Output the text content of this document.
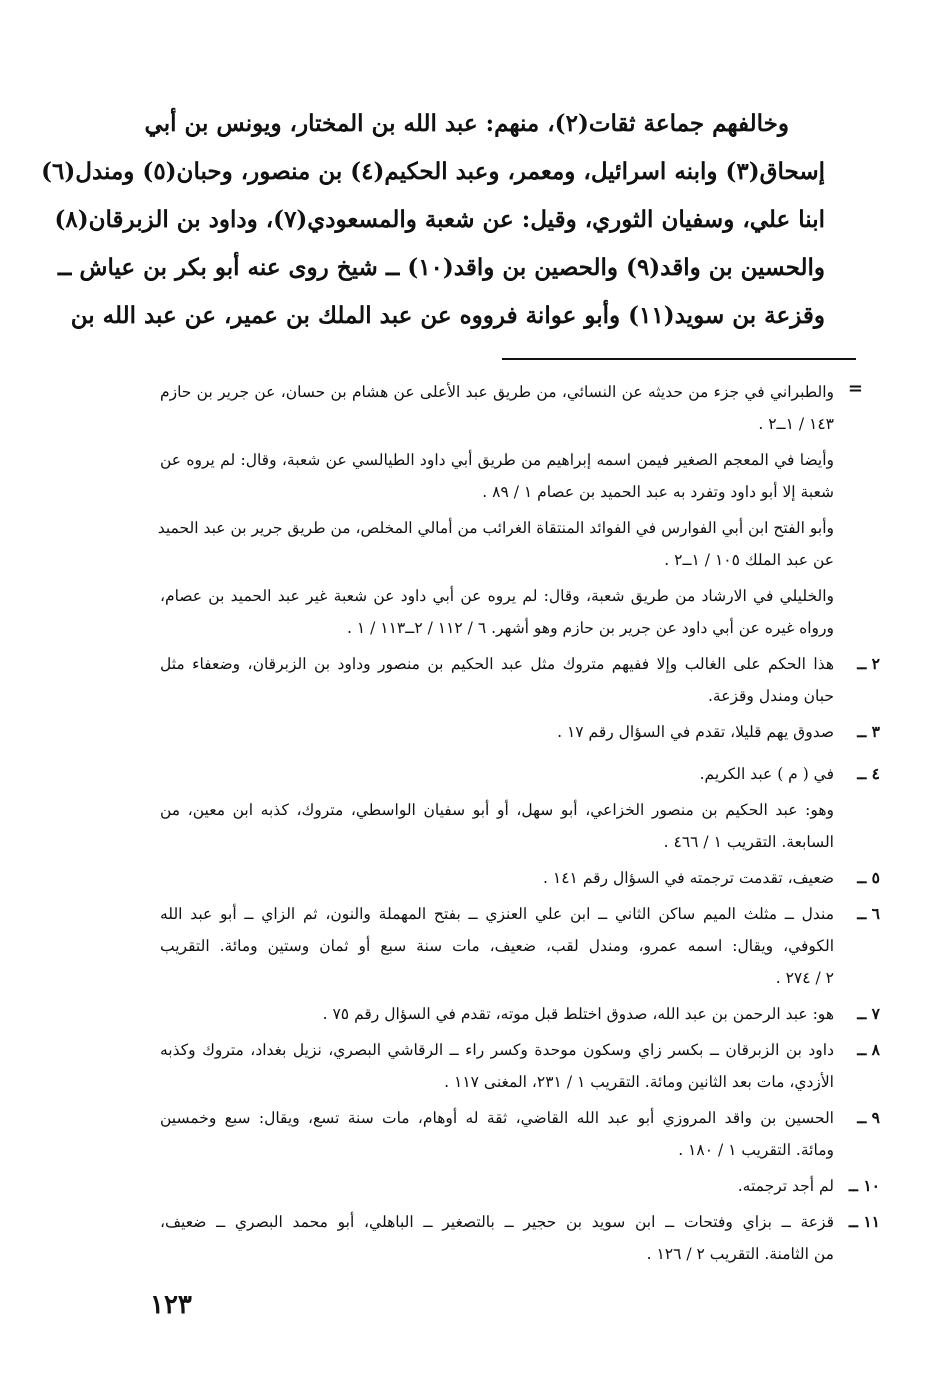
وخالفهم جماعة ثقات(٢)، منهم: عبد الله بن المختار، ويونس بن أبي

إسحاق(٣) وابنه اسرائيل، ومعمر، وعبد الحكيم(٤) بن منصور، وحبان(٥) ومندل(٦)

ابنا علي، وسفيان الثوري، وقيل: عن شعبة والمسعودي(٧)، وداود بن الزبرقان(٨)

والحسين بن واقد(٩) والحصين بن واقد(١٠) ــ شيخ روى عنه أبو بكر بن عياش ــ

وقزعة بن سويد(١١) وأبو عوانة فرووه عن عبد الملك بن عمير، عن عبد الله بن

=
والطبراني في جزء من حديثه عن النسائي، من طريق عبد الأعلى عن هشام بن حسان، عن جرير بن حازم
١٤٣ / ١ــ٢ .
وأيضا في المعجم الصغير فيمن اسمه إبراهيم من طريق أبي داود الطيالسي عن شعبة، وقال: لم يروه عن
شعبة إلا أبو داود وتفرد به عبد الحميد بن عصام ١ / ٨٩ .
وأبو الفتح ابن أبي الفوارس في الفوائد المنتقاة الغرائب من أمالي المخلص، من طريق جرير بن عبد الحميد
عن عبد الملك ١٠٥ / ١ــ٢ .
والخليلي في الارشاد من طريق شعبة، وقال: لم يروه عن أبي داود عن شعبة غير عبد الحميد بن عصام،
ورواه غيره عن أبي داود عن جرير بن حازم وهو أشهر. ٦ / ١١٢ / ٢ــ١١٣ / ١ .
٢ ــ
هذا الحكم على الغالب وإلا ففيهم متروك مثل عبد الحكيم بن منصور وداود بن الزبرقان، وضعفاء مثل
حبان ومندل وقزعة.
٣ ــ
صدوق يهم قليلا، تقدم في السؤال رقم ١٧ .
٤ ــ
في ( م ) عبد الكريم.
وهو: عبد الحكيم بن منصور الخزاعي، أبو سهل، أو أبو سفيان الواسطي، متروك، كذبه ابن معين، من
السابعة. التقريب ١ / ٤٦٦ .
٥ ــ
ضعيف، تقدمت ترجمته في السؤال رقم ١٤١ .
٦ ــ
مندل ــ مثلث الميم ساكن الثاني ــ ابن علي العنزي ــ بفتح المهملة والنون، ثم الزاي ــ أبو عبد الله
الكوفي، ويقال: اسمه عمرو، ومندل لقب، ضعيف، مات سنة سبع أو ثمان وستين ومائة. التقريب
٢ / ٢٧٤ .
٧ ــ
هو: عبد الرحمن بن عبد الله، صدوق اختلط قبل موته، تقدم في السؤال رقم ٧٥ .
٨ ــ
داود بن الزبرقان ــ بكسر زاي وسكون موحدة وكسر راء ــ الرقاشي البصري، نزيل بغداد، متروك وكذبه
الأزدي، مات بعد الثانين ومائة. التقريب ١ / ٢٣١، المغنى ١١٧ .
٩ ــ
الحسين بن واقد المروزي أبو عبد الله القاضي، ثقة له أوهام، مات سنة تسع، ويقال: سبع وخمسين
ومائة. التقريب ١ / ١٨٠ .
١٠ ــ
لم أجد ترجمته.
١١ ــ
قزعة ــ بزاي وفتحات ــ ابن سويد بن حجير ــ بالتصغير ــ الباهلي، أبو محمد البصري ــ ضعيف،
من الثامنة. التقريب ٢ / ١٢٦ .
١٢٣
